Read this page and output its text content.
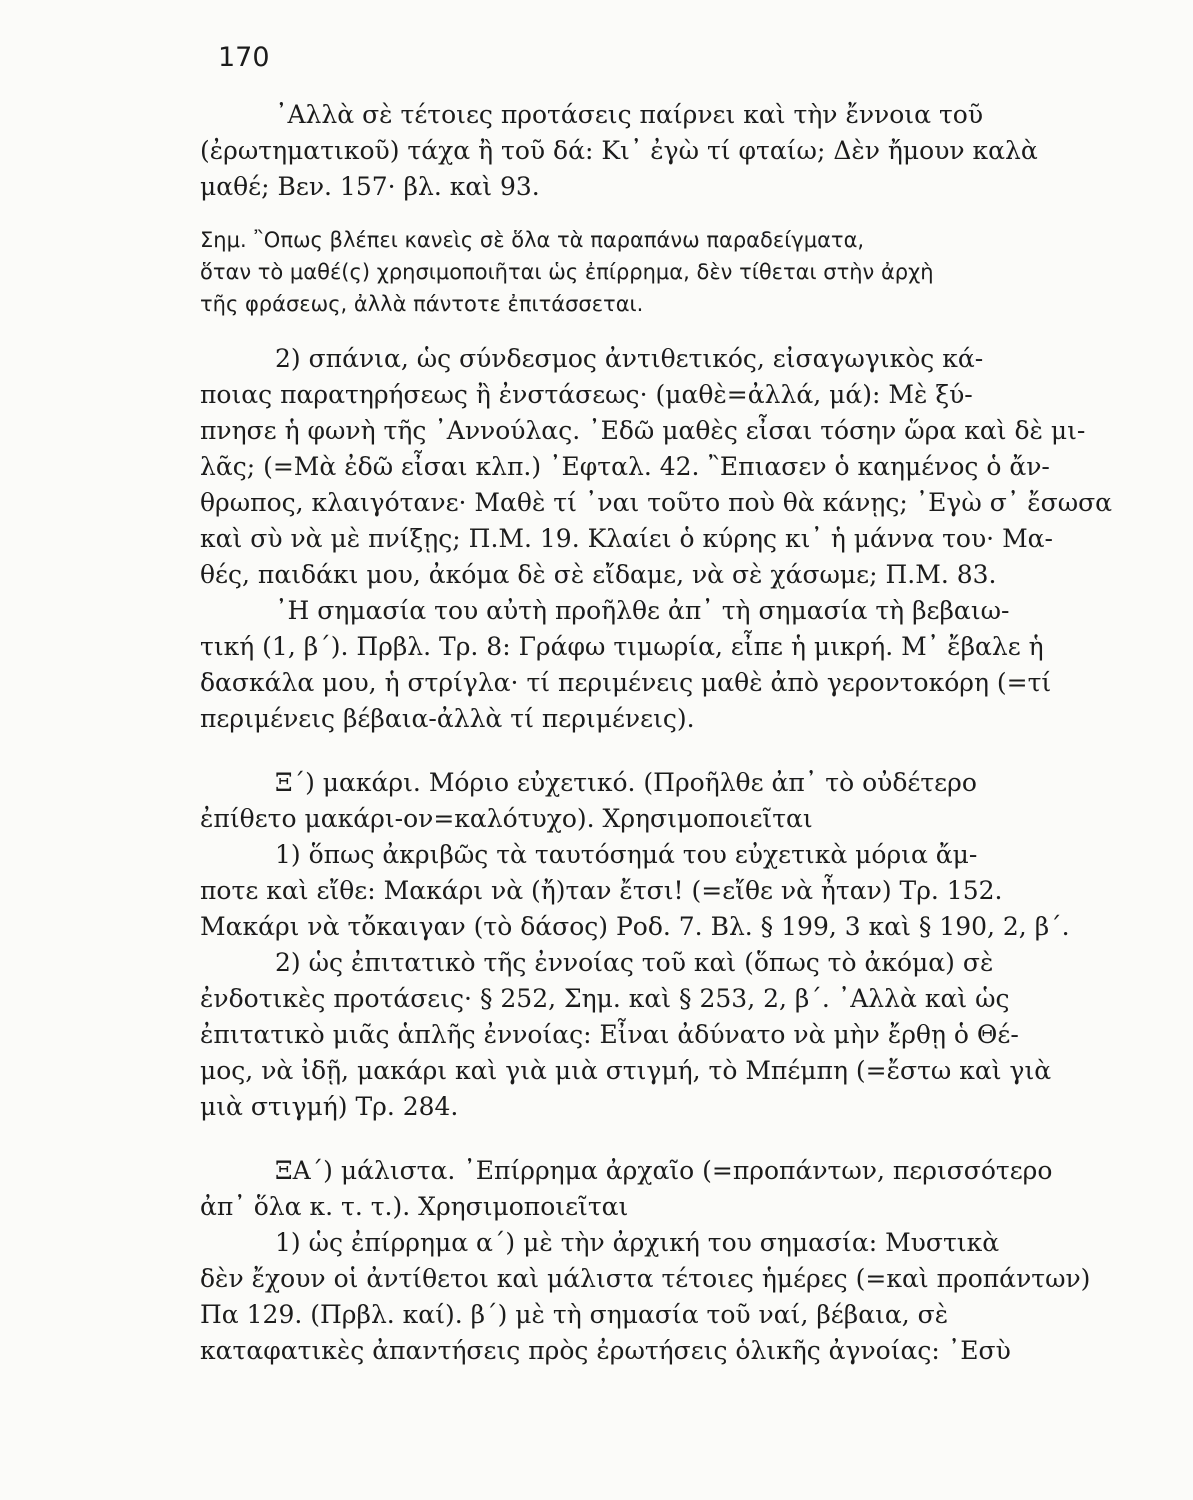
170
᾿Αλλὰ σὲ τέτοιες προτάσεις παίρνει καὶ τὴν ἔννοια τοῦ
(ἐρωτηματικοῦ) τάχα ἢ τοῦ δά: Κι᾽ ἐγὼ τί φταίω; Δὲν ἤμουν καλὰ
μαθέ; Βεν. 157· βλ. καὶ 93.
Σημ. ῍Οπως βλέπει κανεὶς σὲ ὅλα τὰ παραπάνω παραδείγματα,
ὅταν τὸ μαθέ(ς) χρησιμοποιῆται ὡς ἐπίρρημα, δὲν τίθεται στὴν ἀρχὴ
τῆς φράσεως, ἀλλὰ πάντοτε ἐπιτάσσεται.
2) σπάνια, ὡς σύνδεσμος ἀντιθετικός, εἰσαγωγικὸς κά-
ποιας παρατηρήσεως ἢ ἐνστάσεως· (μαθὲ=ἀλλά, μά): Μὲ ξύ-
πνησε ἡ φωνὴ τῆς ᾿Αννούλας. ᾿Εδῶ μαθὲς εἶσαι τόσην ὥρα καὶ δὲ μι-
λᾶς; (=Μὰ ἐδῶ εἶσαι κλπ.) ᾿Εφταλ. 42. ῍Επιασεν ὁ καημένος ὁ ἄν-
θρωπος, κλαιγότανε· Μαθὲ τί ᾿ναι τοῦτο ποὺ θὰ κάνῃς; ᾿Εγὼ σ᾿ ἔσωσα
καὶ σὺ νὰ μὲ πνίξῃς; Π.Μ. 19. Κλαίει ὁ κύρης κι᾿ ἡ μάννα του· Μα-
θές, παιδάκι μου, ἀκόμα δὲ σὲ εἴδαμε, νὰ σὲ χάσωμε; Π.Μ. 83.
᾿Η σημασία του αὐτὴ προῆλθε ἀπ᾿ τὴ σημασία τὴ βεβαιω-
τική (1, β΄). Πρβλ. Τρ. 8: Γράφω τιμωρία, εἶπε ἡ μικρή. Μ᾿ ἔβαλε ἡ
δασκάλα μου, ἡ στρίγλα· τί περιμένεις μαθὲ ἀπὸ γεροντοκόρη (=τί
περιμένεις βέβαια-ἀλλὰ τί περιμένεις).
Ξ΄) μακάρι. Μόριο εὐχετικό. (Προῆλθε ἀπ᾿ τὸ οὐδέτερο
ἐπίθετο μακάρι-ον=καλότυχο). Χρησιμοποιεῖται
1) ὅπως ἀκριβῶς τὰ ταυτόσημά του εὐχετικὰ μόρια ἄμ-
ποτε καὶ εἴθε: Μακάρι νὰ (ἤ)ταν ἔτσι! (=εἴθε νὰ ἦταν) Τρ. 152.
Μακάρι νὰ τὄκαιγαν (τὸ δάσος) Ροδ. 7. Βλ. § 199, 3 καὶ § 190, 2, β΄.
2) ὡς ἐπιτατικὸ τῆς ἐννοίας τοῦ καὶ (ὅπως τὸ ἀκόμα) σὲ
ἐνδοτικὲς προτάσεις· § 252, Σημ. καὶ § 253, 2, β΄. ᾿Αλλὰ καὶ ὡς
ἐπιτατικὸ μιᾶς ἁπλῆς ἐννοίας: Εἶναι ἀδύνατο νὰ μὴν ἔρθῃ ὁ Θέ-
μος, νὰ ἰδῇ, μακάρι καὶ γιὰ μιὰ στιγμή, τὸ Μπέμπη (=ἔστω καὶ γιὰ
μιὰ στιγμή) Τρ. 284.
ΞΑ΄) μάλιστα. ᾿Επίρρημα ἀρχαῖο (=προπάντων, περισσότερο
ἀπ᾿ ὅλα κ. τ. τ.). Χρησιμοποιεῖται
1) ὡς ἐπίρρημα α΄) μὲ τὴν ἀρχική του σημασία: Μυστικὰ
δὲν ἔχουν οἱ ἀντίθετοι καὶ μάλιστα τέτοιες ἡμέρες (=καὶ προπάντων)
Πα 129. (Πρβλ. καί). β΄) μὲ τὴ σημασία τοῦ ναί, βέβαια, σὲ
καταφατικὲς ἀπαντήσεις πρὸς ἐρωτήσεις ὁλικῆς ἀγνοίας: ᾿Εσὺ
